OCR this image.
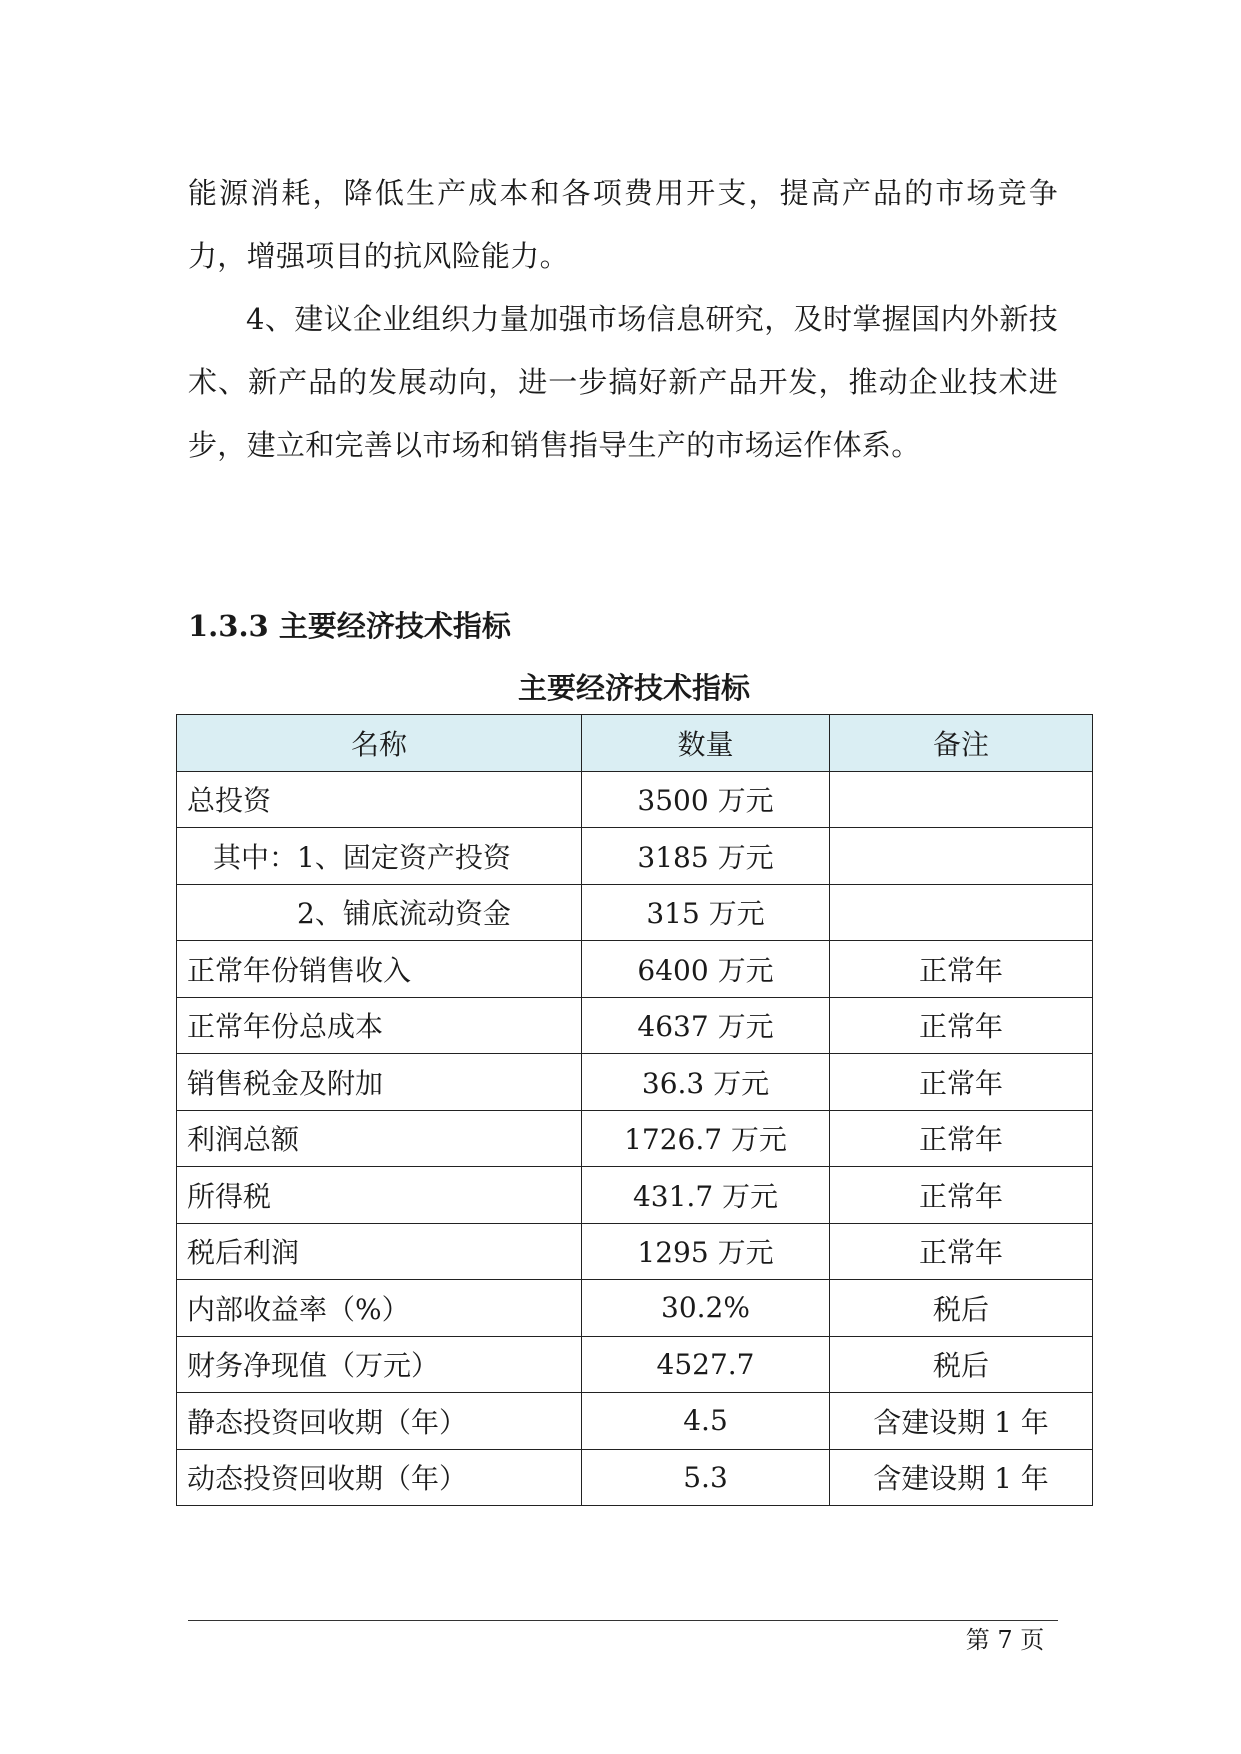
能源消耗，降低生产成本和各项费用开支，提高产品的市场竞争力，增强项目的抗风险能力。

4、建议企业组织力量加强市场信息研究，及时掌握国内外新技术、新产品的发展动向，进一步搞好新产品开发，推动企业技术进步，建立和完善以市场和销售指导生产的市场运作体系。

1.3.3 主要经济技术指标
主要经济技术指标
名称	数量	备注
总投资	3500 万元	
其中：1、固定资产投资	3185 万元	
2、铺底流动资金	315 万元	
正常年份销售收入	6400 万元	正常年
正常年份总成本	4637 万元	正常年
销售税金及附加	36.3 万元	正常年
利润总额	1726.7 万元	正常年
所得税	431.7 万元	正常年
税后利润	1295 万元	正常年
内部收益率（%）	30.2%	税后
财务净现值（万元）	4527.7	税后
静态投资回收期（年）	4.5	含建设期 1 年
动态投资回收期（年）	5.3	含建设期 1 年
第 7 页
